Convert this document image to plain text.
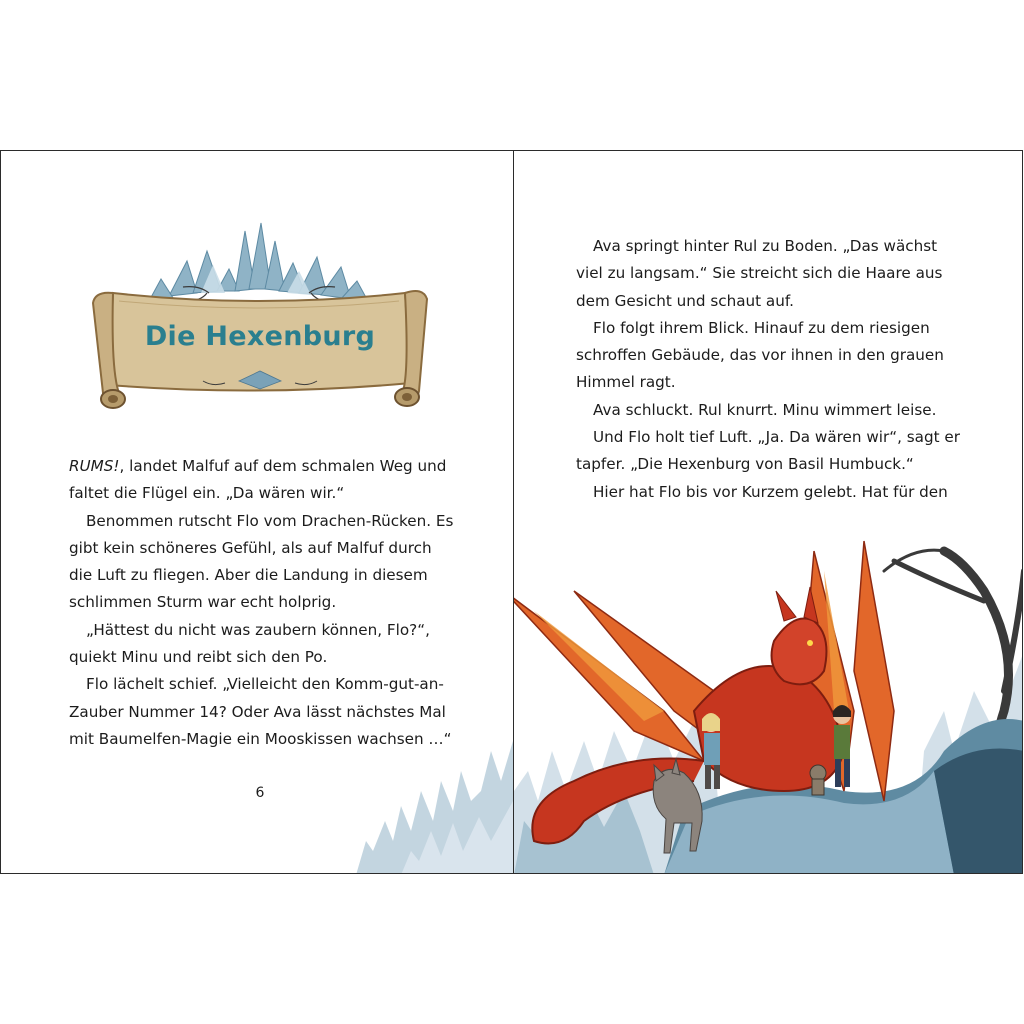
Die Hexenburg

RUMS!, landet Malfuf auf dem schmalen Weg und

faltet die Flügel ein. „Da wären wir.“

Benommen rutscht Flo vom Drachen-Rücken. Es

gibt kein schöneres Gefühl, als auf Malfuf durch

die Luft zu fliegen. Aber die Landung in diesem

schlimmen Sturm war echt holprig.

„Hättest du nicht was zaubern können, Flo?“,

quiekt Minu und reibt sich den Po.

Flo lächelt schief. „Vielleicht den Komm-gut-an-

Zauber Nummer 14? Oder Ava lässt nächstes Mal

mit Baumelfen-Magie ein Mooskissen wachsen …“

6

Ava springt hinter Rul zu Boden. „Das wächst

viel zu langsam.“ Sie streicht sich die Haare aus

dem Gesicht und schaut auf.

Flo folgt ihrem Blick. Hinauf zu dem riesigen

schroffen Gebäude, das vor ihnen in den grauen

Himmel ragt.

Ava schluckt. Rul knurrt. Minu wimmert leise.

Und Flo holt tief Luft. „Ja. Da wären wir“, sagt er

tapfer. „Die Hexenburg von Basil Humbuck.“

Hier hat Flo bis vor Kurzem gelebt. Hat für den
